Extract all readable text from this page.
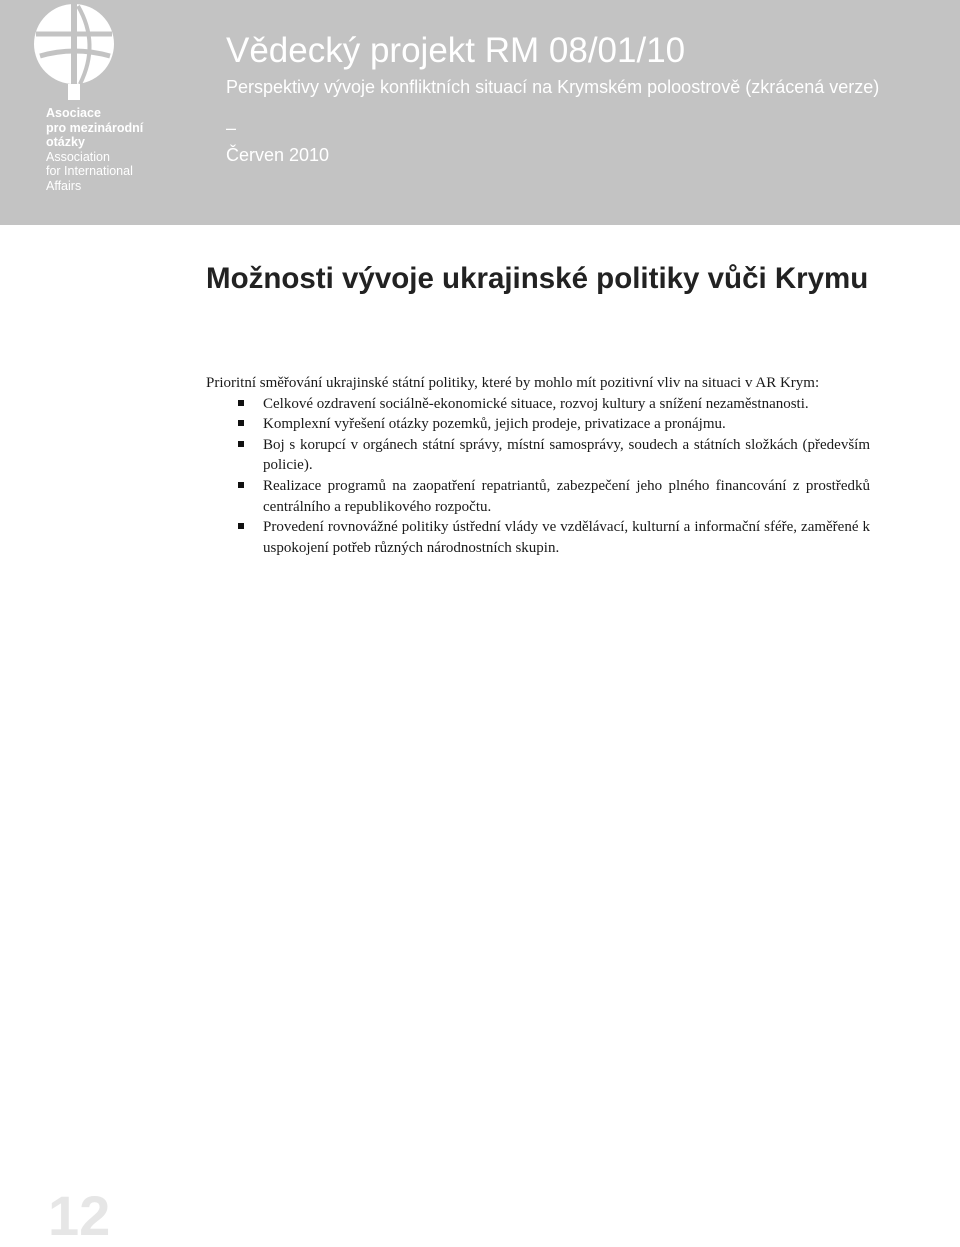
Asociace
pro mezinárodní
otázky
Association
for International
Affairs
Vědecký projekt RM 08/01/10
Perspektivy vývoje konfliktních situací na Krymském poloostrově (zkrácená verze)
–
Červen 2010
Možnosti vývoje ukrajinské politiky vůči Krymu

Prioritní směřování ukrajinské státní politiky, které by mohlo mít pozitivní vliv na situaci v AR Krym:

Celkové ozdravení sociálně-ekonomické situace, rozvoj kultury a snížení nezaměstnanosti.
Komplexní vyřešení otázky pozemků, jejich prodeje, privatizace a pronájmu.
Boj s korupcí v orgánech státní správy, místní samosprávy, soudech a státních složkách (především policie).
Realizace programů na zaopatření repatriantů, zabezpečení jeho plného financování z prostředků centrálního a republikového rozpočtu.
Provedení rovnovážné politiky ústřední vlády ve vzdělávací, kulturní a informační sféře, zaměřené k uspokojení potřeb různých národnostních skupin.
12
